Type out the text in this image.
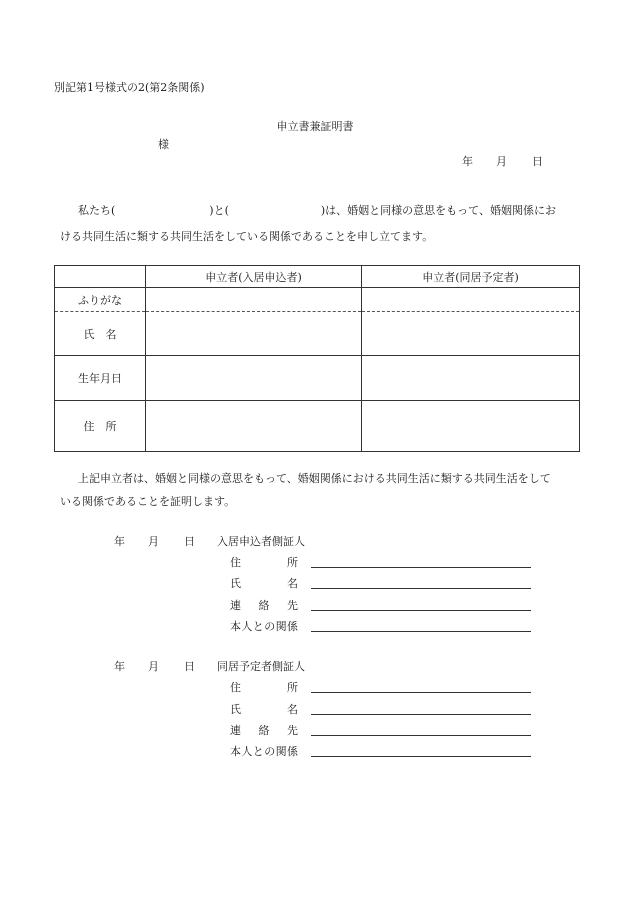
別記第1号様式の2(第2条関係)
申立書兼証明書
様
年 月 日
私たち(	)と(	)は、婚姻と同様の意思をもって、婚姻関係にお
ける共同生活に類する共同生活をしている関係であることを申し立てます。
	申立者(入居申込者)	申立者(同居予定者)
ふりがな		
氏　名		
生年月日		
住　所		
上記申立者は、婚姻と同様の意思をもって、婚姻関係における共同生活に類する共同生活をして
いる関係であることを証明します。
年 月 日 入居申込者側証人
住所
氏名
連絡先
本人との関係
年 月 日 同居予定者側証人
住所
氏名
連絡先
本人との関係
